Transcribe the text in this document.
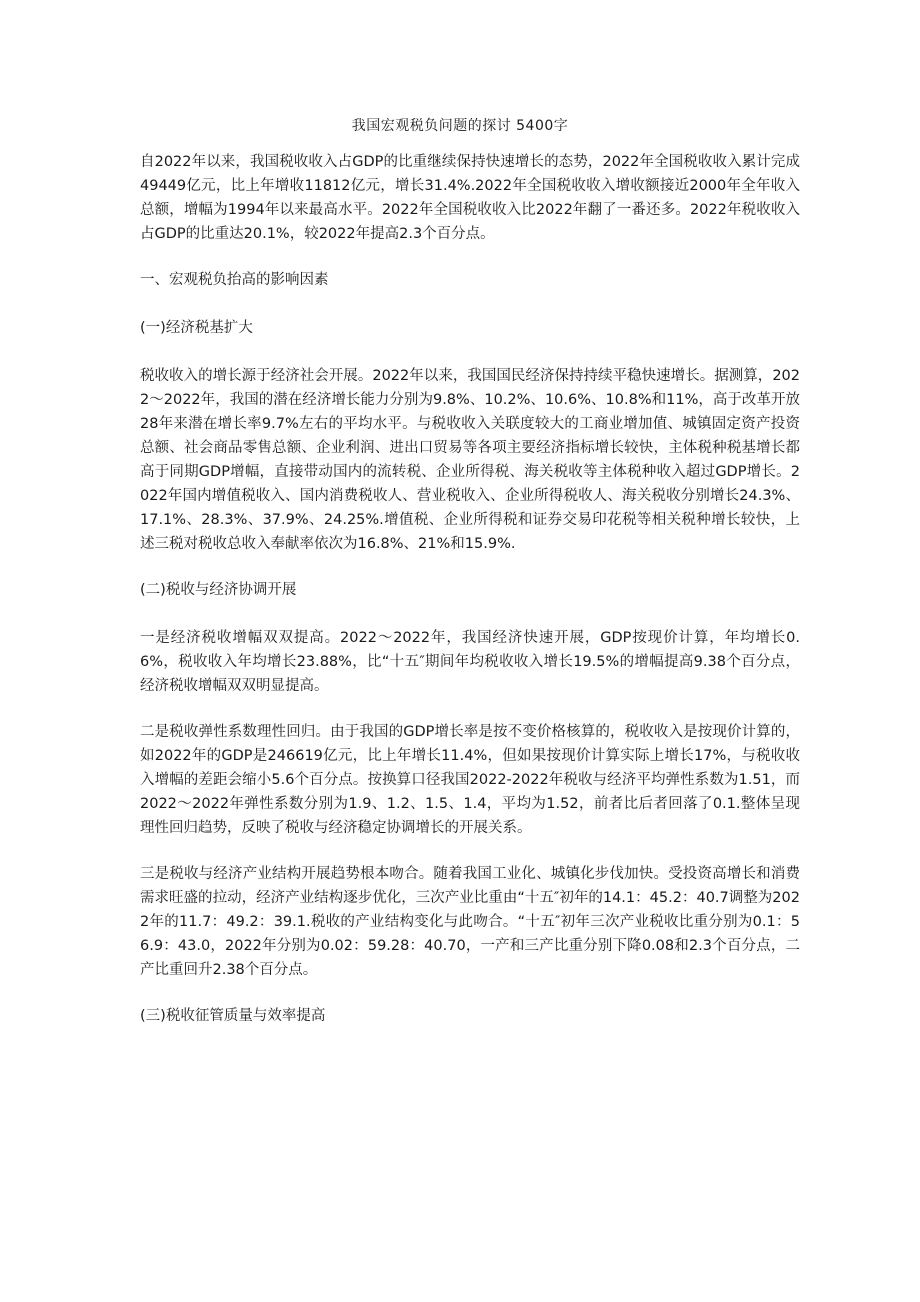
我国宏观税负问题的探讨 5400字

自2022年以来，我国税收收入占GDP的比重继续保持快速增长的态势，2022年全国税收收入累计完成49449亿元，比上年增收11812亿元，增长31.4%.2022年全国税收收入增收额接近2000年全年收入总额，增幅为1994年以来最高水平。2022年全国税收收入比2022年翻了一番还多。2022年税收收入占GDP的比重达20.1%，较2022年提高2.3个百分点。

一、宏观税负抬高的影响因素
(一)经济税基扩大

税收收入的增长源于经济社会开展。2022年以来，我国国民经济保持持续平稳快速增长。据测算，2022～2022年，我国的潜在经济增长能力分别为9.8%、10.2%、10.6%、10.8%和11%，高于改革开放28年来潜在增长率9.7%左右的平均水平。与税收收入关联度较大的工商业增加值、城镇固定资产投资总额、社会商品零售总额、企业利润、进出口贸易等各项主要经济指标增长较快，主体税种税基增长都高于同期GDP增幅，直接带动国内的流转税、企业所得税、海关税收等主体税种收入超过GDP增长。2022年国内增值税收入、国内消费税收人、营业税收入、企业所得税收人、海关税收分别增长24.3%、17.1%、28.3%、37.9%、24.25%.增值税、企业所得税和证券交易印花税等相关税种增长较快，上述三税对税收总收入奉献率依次为16.8%、21%和15.9%.

(二)税收与经济协调开展

一是经济税收增幅双双提高。2022～2022年，我国经济快速开展，GDP按现价计算，年均增长0.6%，税收收入年均增长23.88%，比“十五″期间年均税收收入增长19.5%的增幅提高9.38个百分点，经济税收增幅双双明显提高。

二是税收弹性系数理性回归。由于我国的GDP增长率是按不变价格核算的，税收收入是按现价计算的，如2022年的GDP是246619亿元，比上年增长11.4%，但如果按现价计算实际上增长17%，与税收收入增幅的差距会缩小5.6个百分点。按换算口径我国2022-2022年税收与经济平均弹性系数为1.51，而2022～2022年弹性系数分别为1.9、1.2、1.5、1.4，平均为1.52，前者比后者回落了0.1.整体呈现理性回归趋势，反映了税收与经济稳定协调增长的开展关系。

三是税收与经济产业结构开展趋势根本吻合。随着我国工业化、城镇化步伐加快。受投资高增长和消费需求旺盛的拉动，经济产业结构逐步优化，三次产业比重由“十五″初年的14.1：45.2：40.7调整为2022年的11.7：49.2：39.1.税收的产业结构变化与此吻合。“十五″初年三次产业税收比重分别为0.1：56.9：43.0，2022年分别为0.02：59.28：40.70，一产和三产比重分别下降0.08和2.3个百分点，二产比重回升2.38个百分点。

(三)税收征管质量与效率提高
